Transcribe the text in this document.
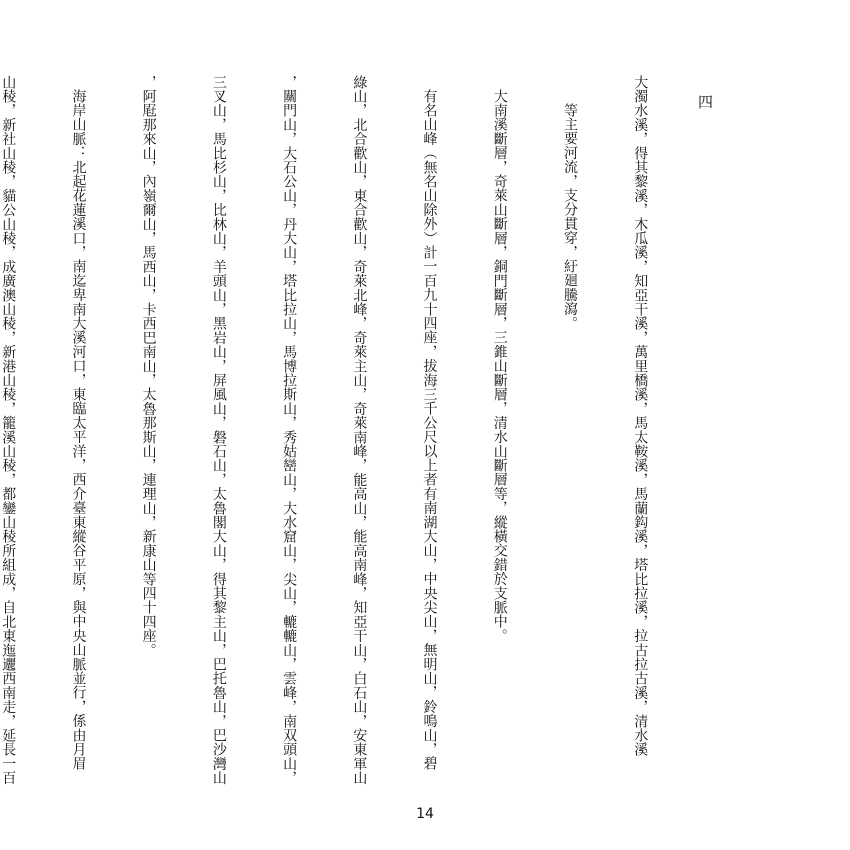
四

大濁水溪，得其黎溪，木瓜溪，知亞干溪，萬里橋溪，馬太鞍溪，馬蘭鈎溪，塔比拉溪，拉古拉古溪，清水溪

等主要河流，支分貫穿，紆廻騰瀉。

大南溪斷層，奇萊山斷層，銅門斷層，三錐山斷層，清水山斷層等，縱橫交錯於支脈中。

有名山峰（無名山除外）計一百九十四座，拔海三千公尺以上者有南湖大山，中央尖山，無明山，鈴鳴山，碧

綠山，北合歡山，東合歡山，奇萊北峰，奇萊主山，奇萊南峰，能高山，能高南峰，知亞干山，白石山，安東軍山

，關門山，大石公山，丹大山，塔比拉山，馬博拉斯山，秀姑巒山，大水窟山，尖山，轆轆山，雲峰，南双頭山，

三叉山，馬比杉山，比林山，羊頭山，黑岩山，屏風山，磐石山，太魯閣大山，得其黎主山，巴托魯山，巴沙灣山

，阿屘那來山，內嶺爾山，馬西山，卡西巴南山，太魯那斯山，連理山，新康山等四十四座。

海岸山脈：北起花蓮溪口，南迄卑南大溪河口，東臨太平洋，西介臺東縱谷平原，與中央山脈並行，係由月眉

山稜，新社山稜，貓公山稜，成廣澳山稜，新港山稜，籠溪山稜，都鑾山稜所組成，自北東迤邐西南走，延長一百

14
